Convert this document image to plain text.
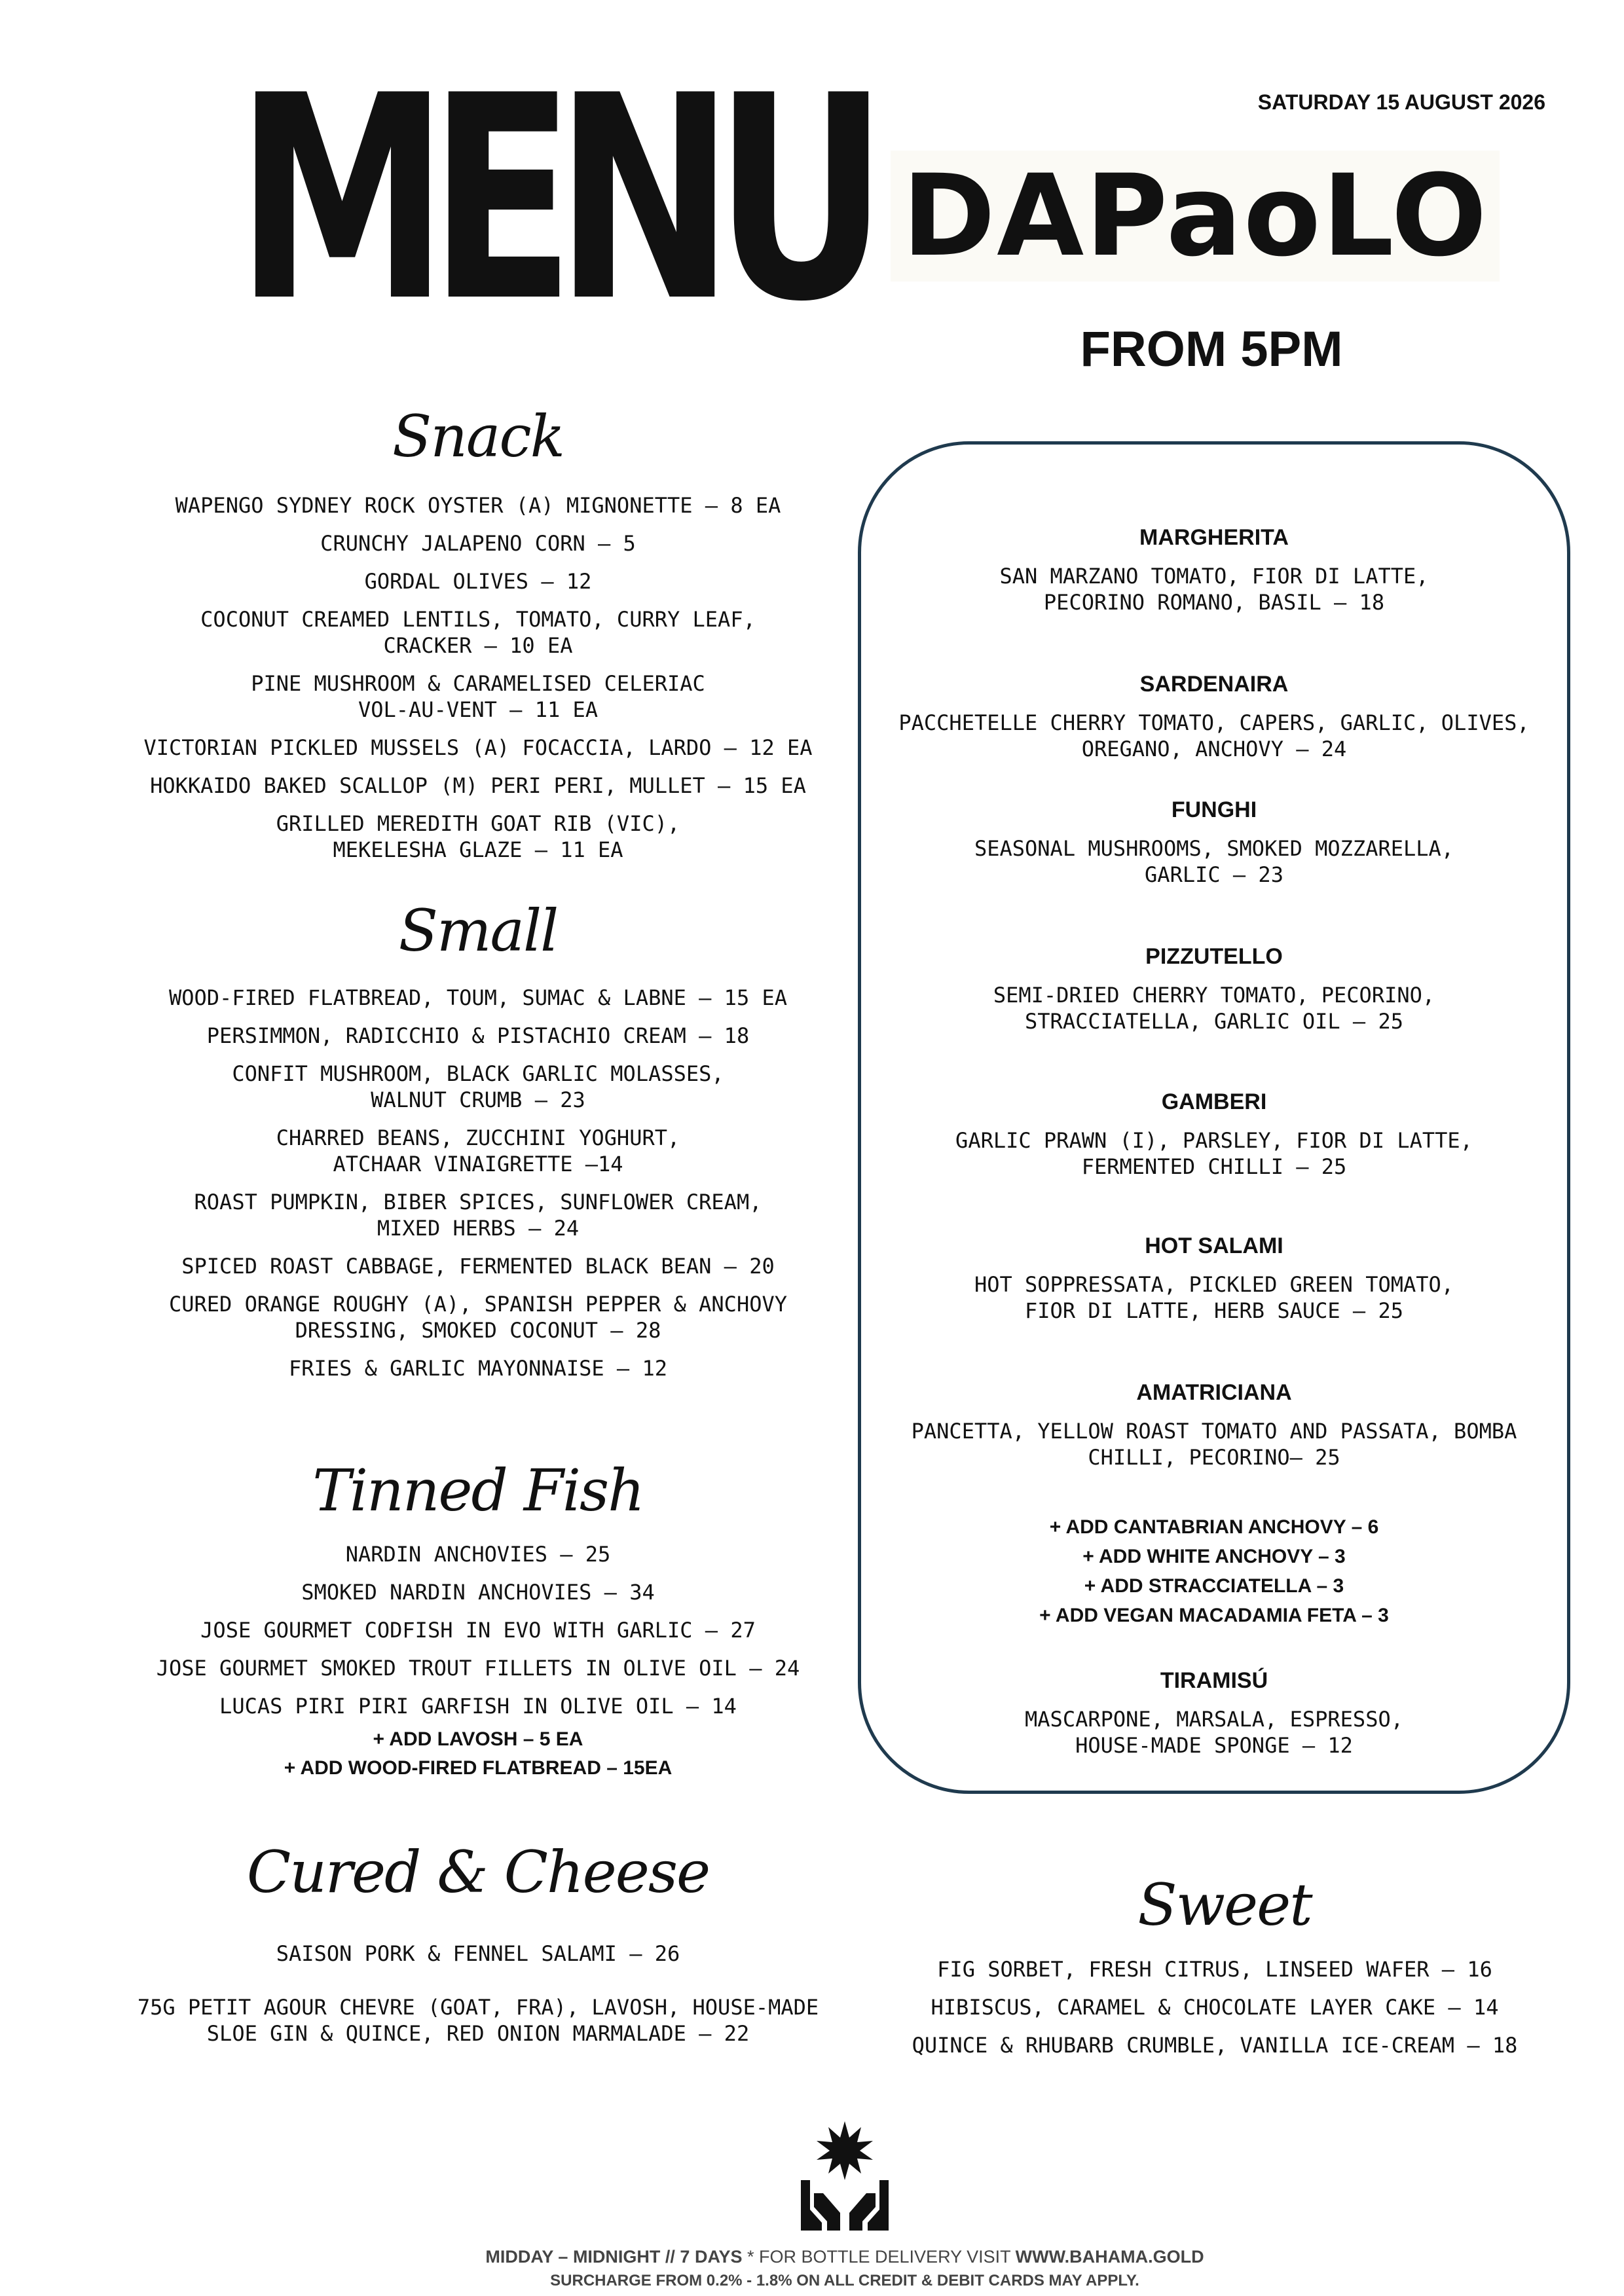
MENU	SATURDAY 15 AUGUST 2026
DAPaoLO
FROM 5PM
Snack
WAPENGO SYDNEY ROCK OYSTER (A) MIGNONETTE – 8 EA
CRUNCHY JALAPENO CORN – 5
GORDAL OLIVES – 12
COCONUT CREAMED LENTILS, TOMATO, CURRY LEAF,
CRACKER – 10 EA
PINE MUSHROOM & CARAMELISED CELERIAC
VOL-AU-VENT – 11 EA
VICTORIAN PICKLED MUSSELS (A) FOCACCIA, LARDO – 12 EA
HOKKAIDO BAKED SCALLOP (M) PERI PERI, MULLET – 15 EA
GRILLED MEREDITH GOAT RIB (VIC),
MEKELESHA GLAZE – 11 EA
Small
WOOD-FIRED FLATBREAD, TOUM, SUMAC & LABNE – 15 EA
PERSIMMON, RADICCHIO & PISTACHIO CREAM – 18
CONFIT MUSHROOM, BLACK GARLIC MOLASSES,
WALNUT CRUMB – 23
CHARRED BEANS, ZUCCHINI YOGHURT,
ATCHAAR VINAIGRETTE –14
ROAST PUMPKIN, BIBER SPICES, SUNFLOWER CREAM,
MIXED HERBS – 24
SPICED ROAST CABBAGE, FERMENTED BLACK BEAN – 20
CURED ORANGE ROUGHY (A), SPANISH PEPPER & ANCHOVY
DRESSING, SMOKED COCONUT – 28
FRIES & GARLIC MAYONNAISE – 12
Tinned Fish
NARDIN ANCHOVIES – 25
SMOKED NARDIN ANCHOVIES – 34
JOSE GOURMET CODFISH IN EVO WITH GARLIC – 27
JOSE GOURMET SMOKED TROUT FILLETS IN OLIVE OIL – 24
LUCAS PIRI PIRI GARFISH IN OLIVE OIL – 14
+ ADD LAVOSH – 5 EA
+ ADD WOOD-FIRED FLATBREAD – 15EA
Cured & Cheese
SAISON PORK & FENNEL SALAMI – 26
75G PETIT AGOUR CHEVRE (GOAT, FRA), LAVOSH, HOUSE-MADE
SLOE GIN & QUINCE, RED ONION MARMALADE – 22
MARGHERITA
SAN MARZANO TOMATO, FIOR DI LATTE,
PECORINO ROMANO, BASIL – 18
SARDENAIRA
PACCHETELLE CHERRY TOMATO, CAPERS, GARLIC, OLIVES,
OREGANO, ANCHOVY – 24
FUNGHI
SEASONAL MUSHROOMS, SMOKED MOZZARELLA,
GARLIC – 23
PIZZUTELLO
SEMI-DRIED CHERRY TOMATO, PECORINO,
STRACCIATELLA, GARLIC OIL – 25
GAMBERI
GARLIC PRAWN (I), PARSLEY, FIOR DI LATTE,
FERMENTED CHILLI – 25
HOT SALAMI
HOT SOPPRESSATA, PICKLED GREEN TOMATO,
FIOR DI LATTE, HERB SAUCE – 25
AMATRICIANA
PANCETTA, YELLOW ROAST TOMATO AND PASSATA, BOMBA
CHILLI, PECORINO– 25
+ ADD CANTABRIAN ANCHOVY – 6
+ ADD WHITE ANCHOVY – 3
+ ADD STRACCIATELLA – 3
+ ADD VEGAN MACADAMIA FETA – 3
TIRAMISÚ
MASCARPONE, MARSALA, ESPRESSO,
HOUSE-MADE SPONGE – 12
Sweet
FIG SORBET, FRESH CITRUS, LINSEED WAFER – 16
HIBISCUS, CARAMEL & CHOCOLATE LAYER CAKE – 14
QUINCE & RHUBARB CRUMBLE, VANILLA ICE-CREAM – 18
MIDDAY – MIDNIGHT // 7 DAYS * FOR BOTTLE DELIVERY VISIT WWW.BAHAMA.GOLD
SURCHARGE FROM 0.2% - 1.8% ON ALL CREDIT & DEBIT CARDS MAY APPLY.
